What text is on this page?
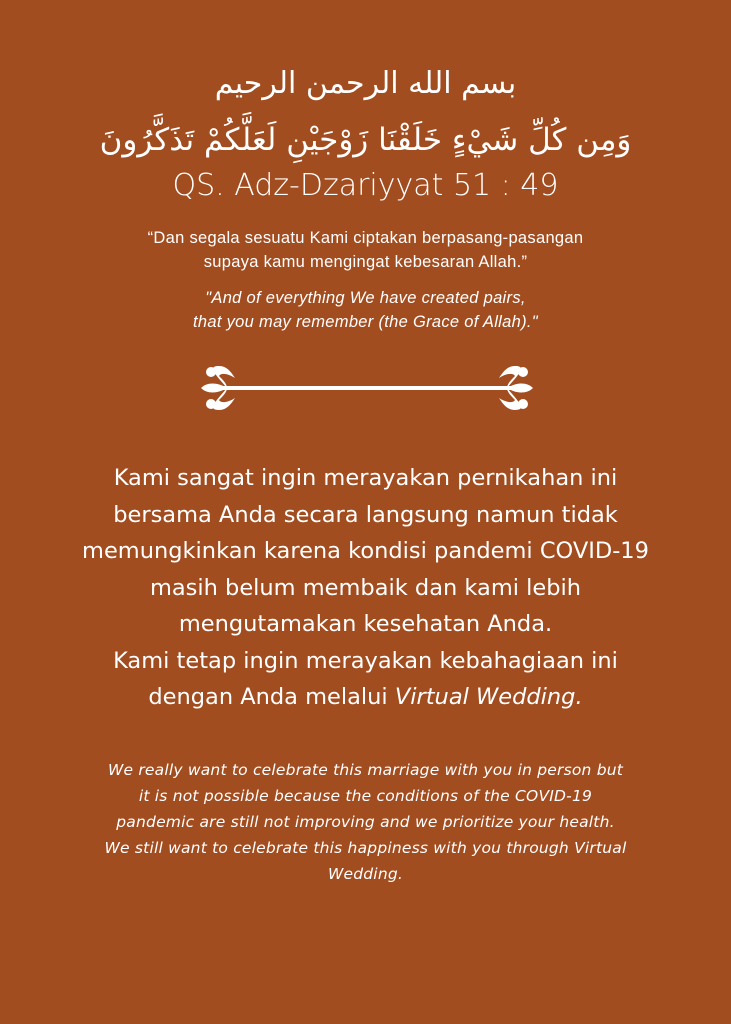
بسم الله الرحمن الرحيم
وَمِن كُلِّ شَيْءٍ خَلَقْنَا زَوْجَيْنِ لَعَلَّكُمْ تَذَكَّرُونَ
QS. Adz-Dzariyyat 51 : 49
“Dan segala sesuatu Kami ciptakan berpasang-pasangan
supaya kamu mengingat kebesaran Allah.”
"And of everything We have created pairs,
that you may remember (the Grace of Allah)."
Kami sangat ingin merayakan pernikahan ini
bersama Anda secara langsung namun tidak
memungkinkan karena kondisi pandemi COVID-19
masih belum membaik dan kami lebih
mengutamakan kesehatan Anda.
Kami tetap ingin merayakan kebahagiaan ini
dengan Anda melalui Virtual Wedding.
We really want to celebrate this marriage with you in person but
it is not possible because the conditions of the COVID-19
pandemic are still not improving and we prioritize your health.
We still want to celebrate this happiness with you through Virtual
Wedding.
